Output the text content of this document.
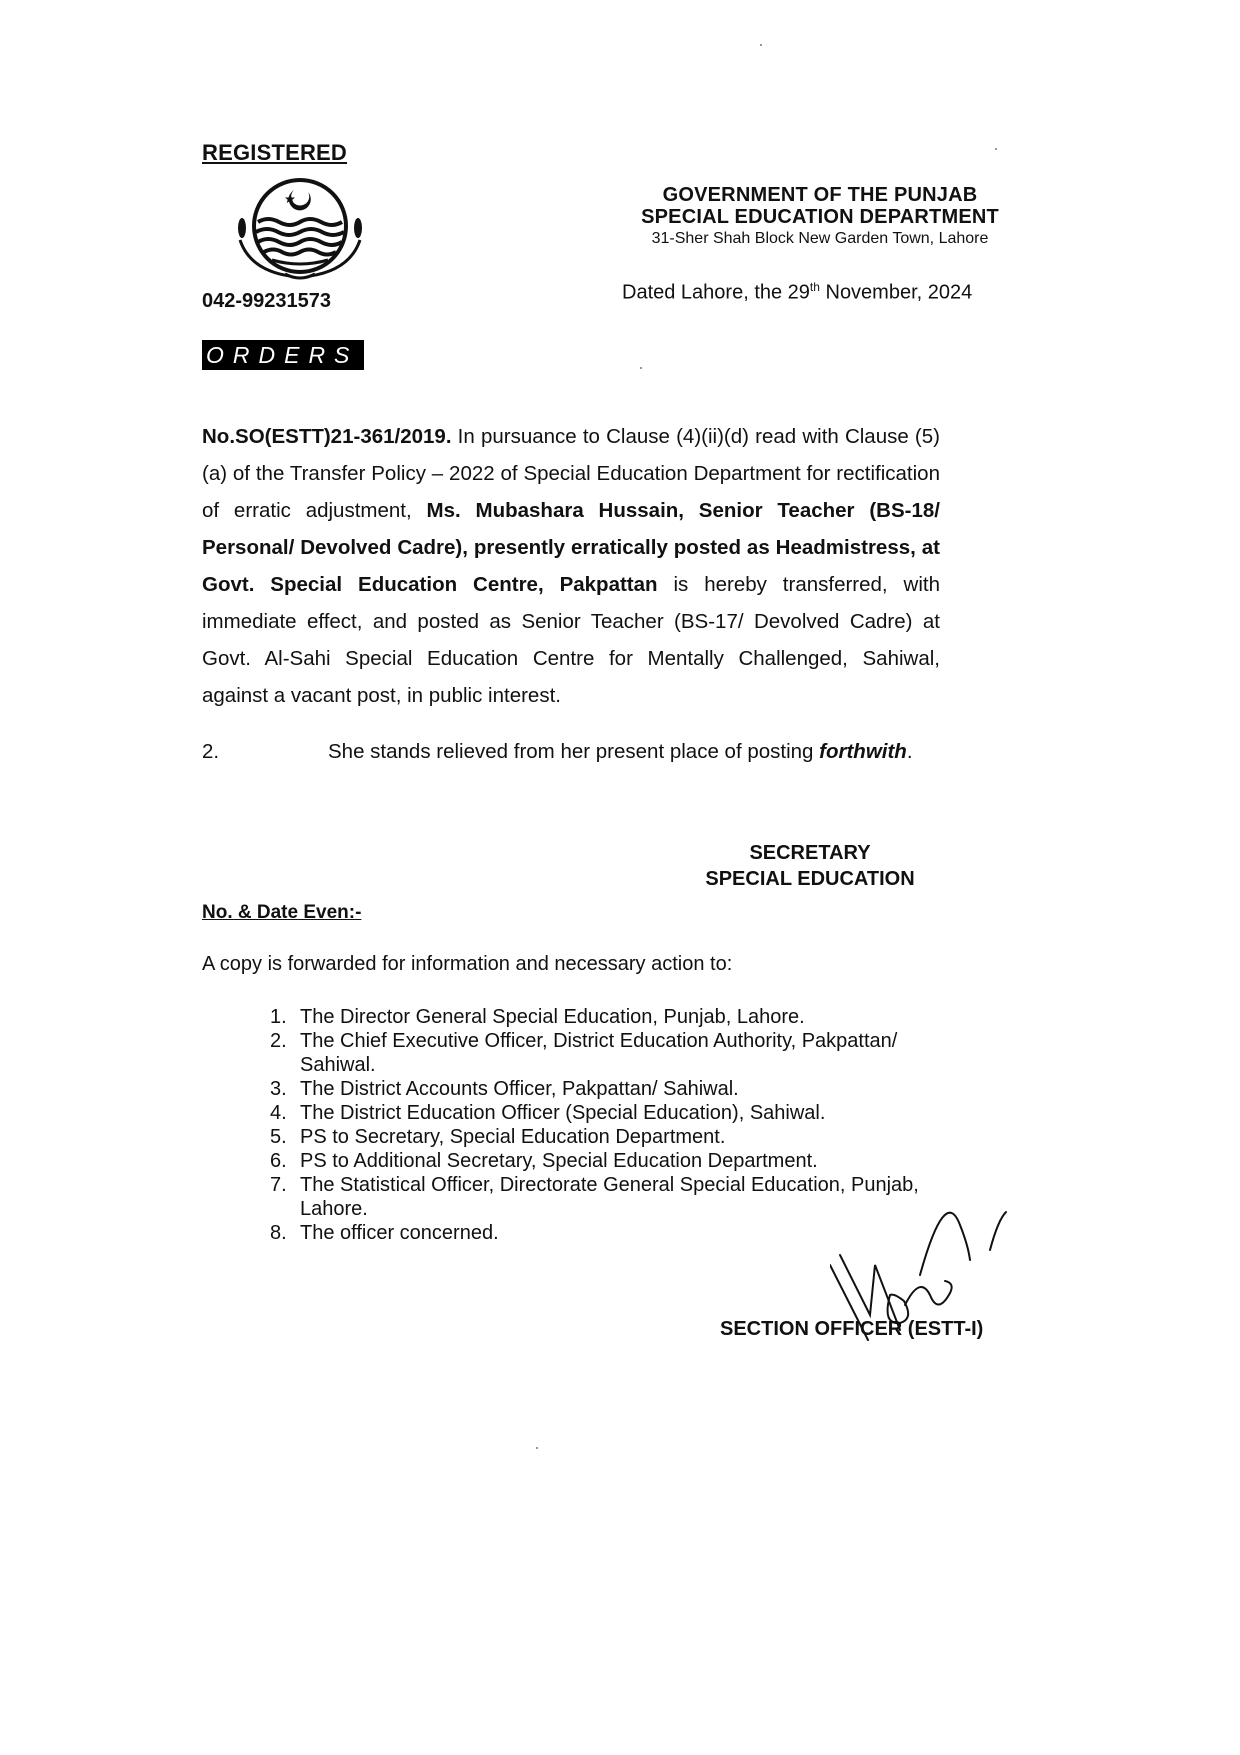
REGISTERED
042-99231573
ORDERS
GOVERNMENT OF THE PUNJAB
SPECIAL EDUCATION DEPARTMENT
31-Sher Shah Block New Garden Town, Lahore
Dated Lahore, the 29th November, 2024
No.SO(ESTT)21-361/2019. In pursuance to Clause (4)(ii)(d) read with Clause (5)(a) of the Transfer Policy – 2022 of Special Education Department for rectification of erratic adjustment, Ms. Mubashara Hussain, Senior Teacher (BS-18/ Personal/ Devolved Cadre), presently erratically posted as Headmistress, at Govt. Special Education Centre, Pakpattan is hereby transferred, with immediate effect, and posted as Senior Teacher (BS-17/ Devolved Cadre) at Govt. Al-Sahi Special Education Centre for Mentally Challenged, Sahiwal, against a vacant post, in public interest.
2.	She stands relieved from her present place of posting forthwith.
SECRETARY
SPECIAL EDUCATION
No. & Date Even:-
A copy is forwarded for information and necessary action to:
1. The Director General Special Education, Punjab, Lahore.
2. The Chief Executive Officer, District Education Authority, Pakpattan/ Sahiwal.
3. The District Accounts Officer, Pakpattan/ Sahiwal.
4. The District Education Officer (Special Education), Sahiwal.
5. PS to Secretary, Special Education Department.
6. PS to Additional Secretary, Special Education Department.
7. The Statistical Officer, Directorate General Special Education, Punjab, Lahore.
8. The officer concerned.
SECTION OFFICER (ESTT-I)
